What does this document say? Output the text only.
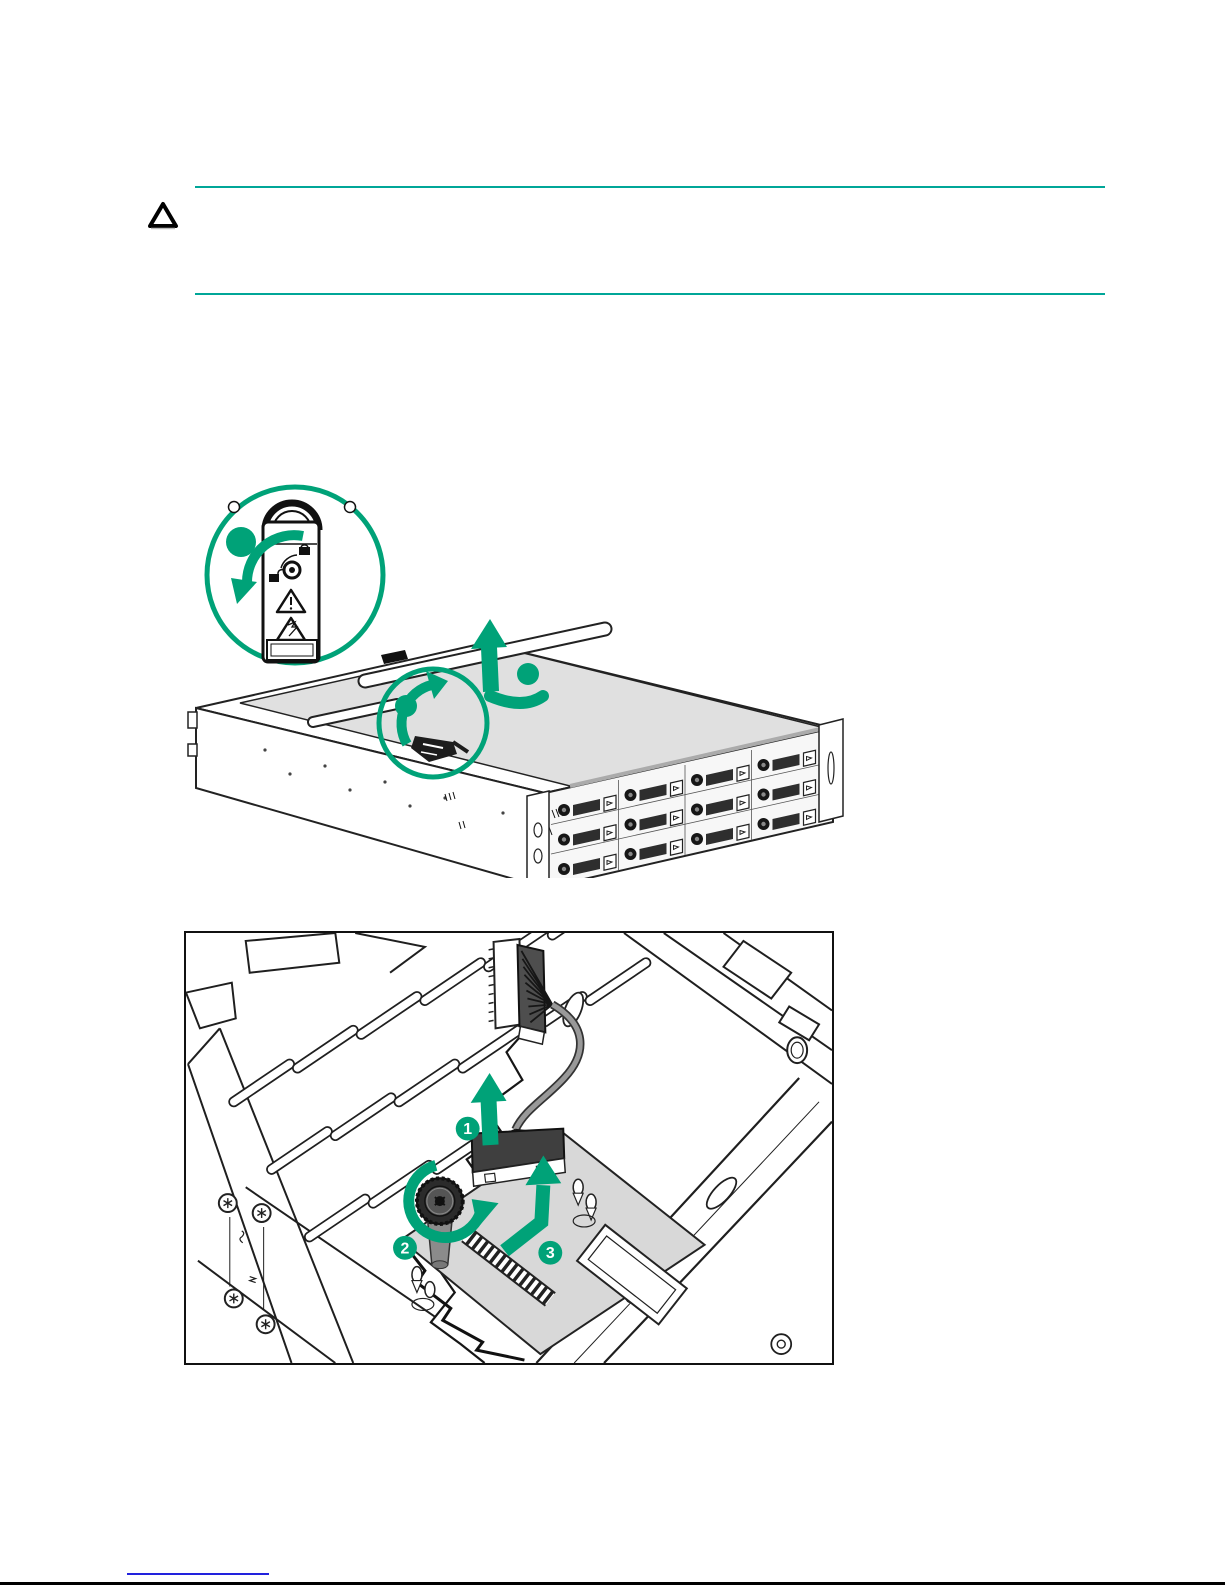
1
2	3
